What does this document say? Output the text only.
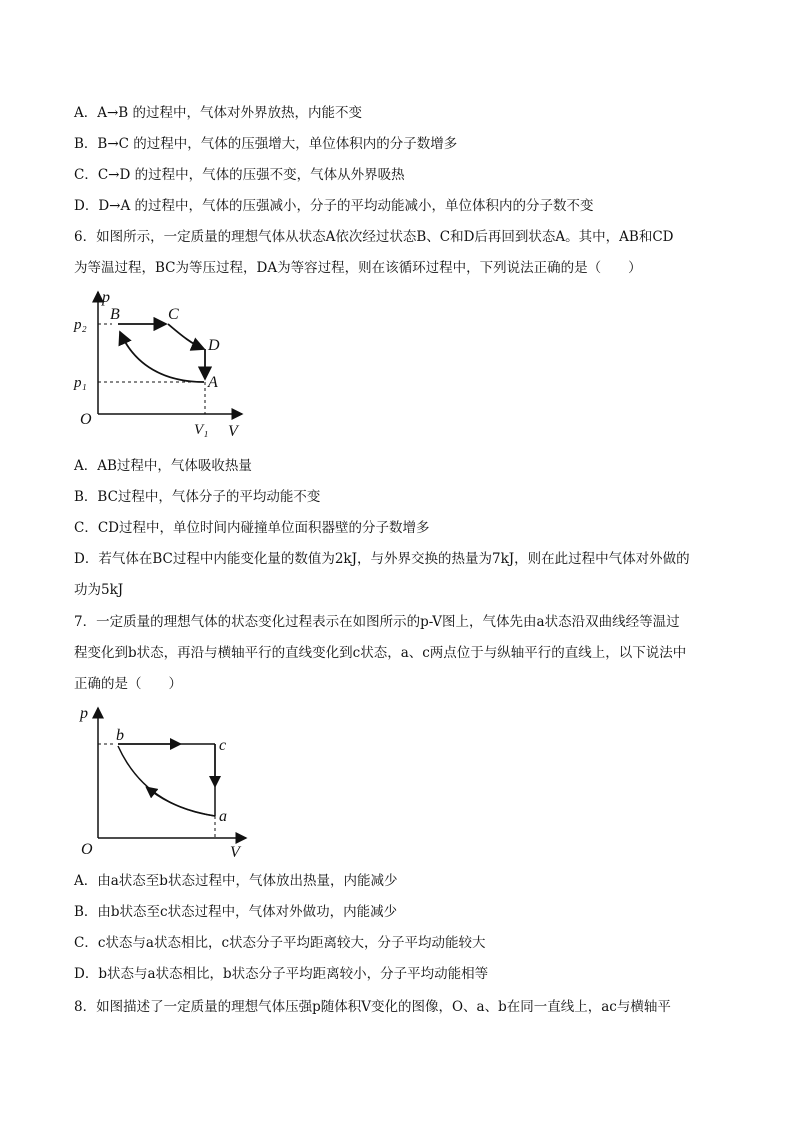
A．A→B 的过程中，气体对外界放热，内能不变
B．B→C 的过程中，气体的压强增大，单位体积内的分子数增多
C．C→D 的过程中，气体的压强不变，气体从外界吸热
D．D→A 的过程中，气体的压强减小，分子的平均动能减小，单位体积内的分子数不变
6．如图所示，一定质量的理想气体从状态A依次经过状态B、C和D后再回到状态A。其中，AB和CD
为等温过程，BC为等压过程，DA为等容过程，则在该循环过程中，下列说法正确的是（　　）
p
p₂
p₁
O
V₁ V
B	C
D
A
A．AB过程中，气体吸收热量
B．BC过程中，气体分子的平均动能不变
C．CD过程中，单位时间内碰撞单位面积器壁的分子数增多
D．若气体在BC过程中内能变化量的数值为2kJ，与外界交换的热量为7kJ，则在此过程中气体对外做的
功为5kJ
7．一定质量的理想气体的状态变化过程表示在如图所示的p-V图上，气体先由a状态沿双曲线经等温过
程变化到b状态，再沿与横轴平行的直线变化到c状态，a、c两点位于与纵轴平行的直线上，以下说法中
正确的是（　　）
p
O	V
b
c
a
A．由a状态至b状态过程中，气体放出热量，内能减少
B．由b状态至c状态过程中，气体对外做功，内能减少
C．c状态与a状态相比，c状态分子平均距离较大，分子平均动能较大
D．b状态与a状态相比，b状态分子平均距离较小，分子平均动能相等
8．如图描述了一定质量的理想气体压强p随体积V变化的图像，O、a、b在同一直线上，ac与横轴平
